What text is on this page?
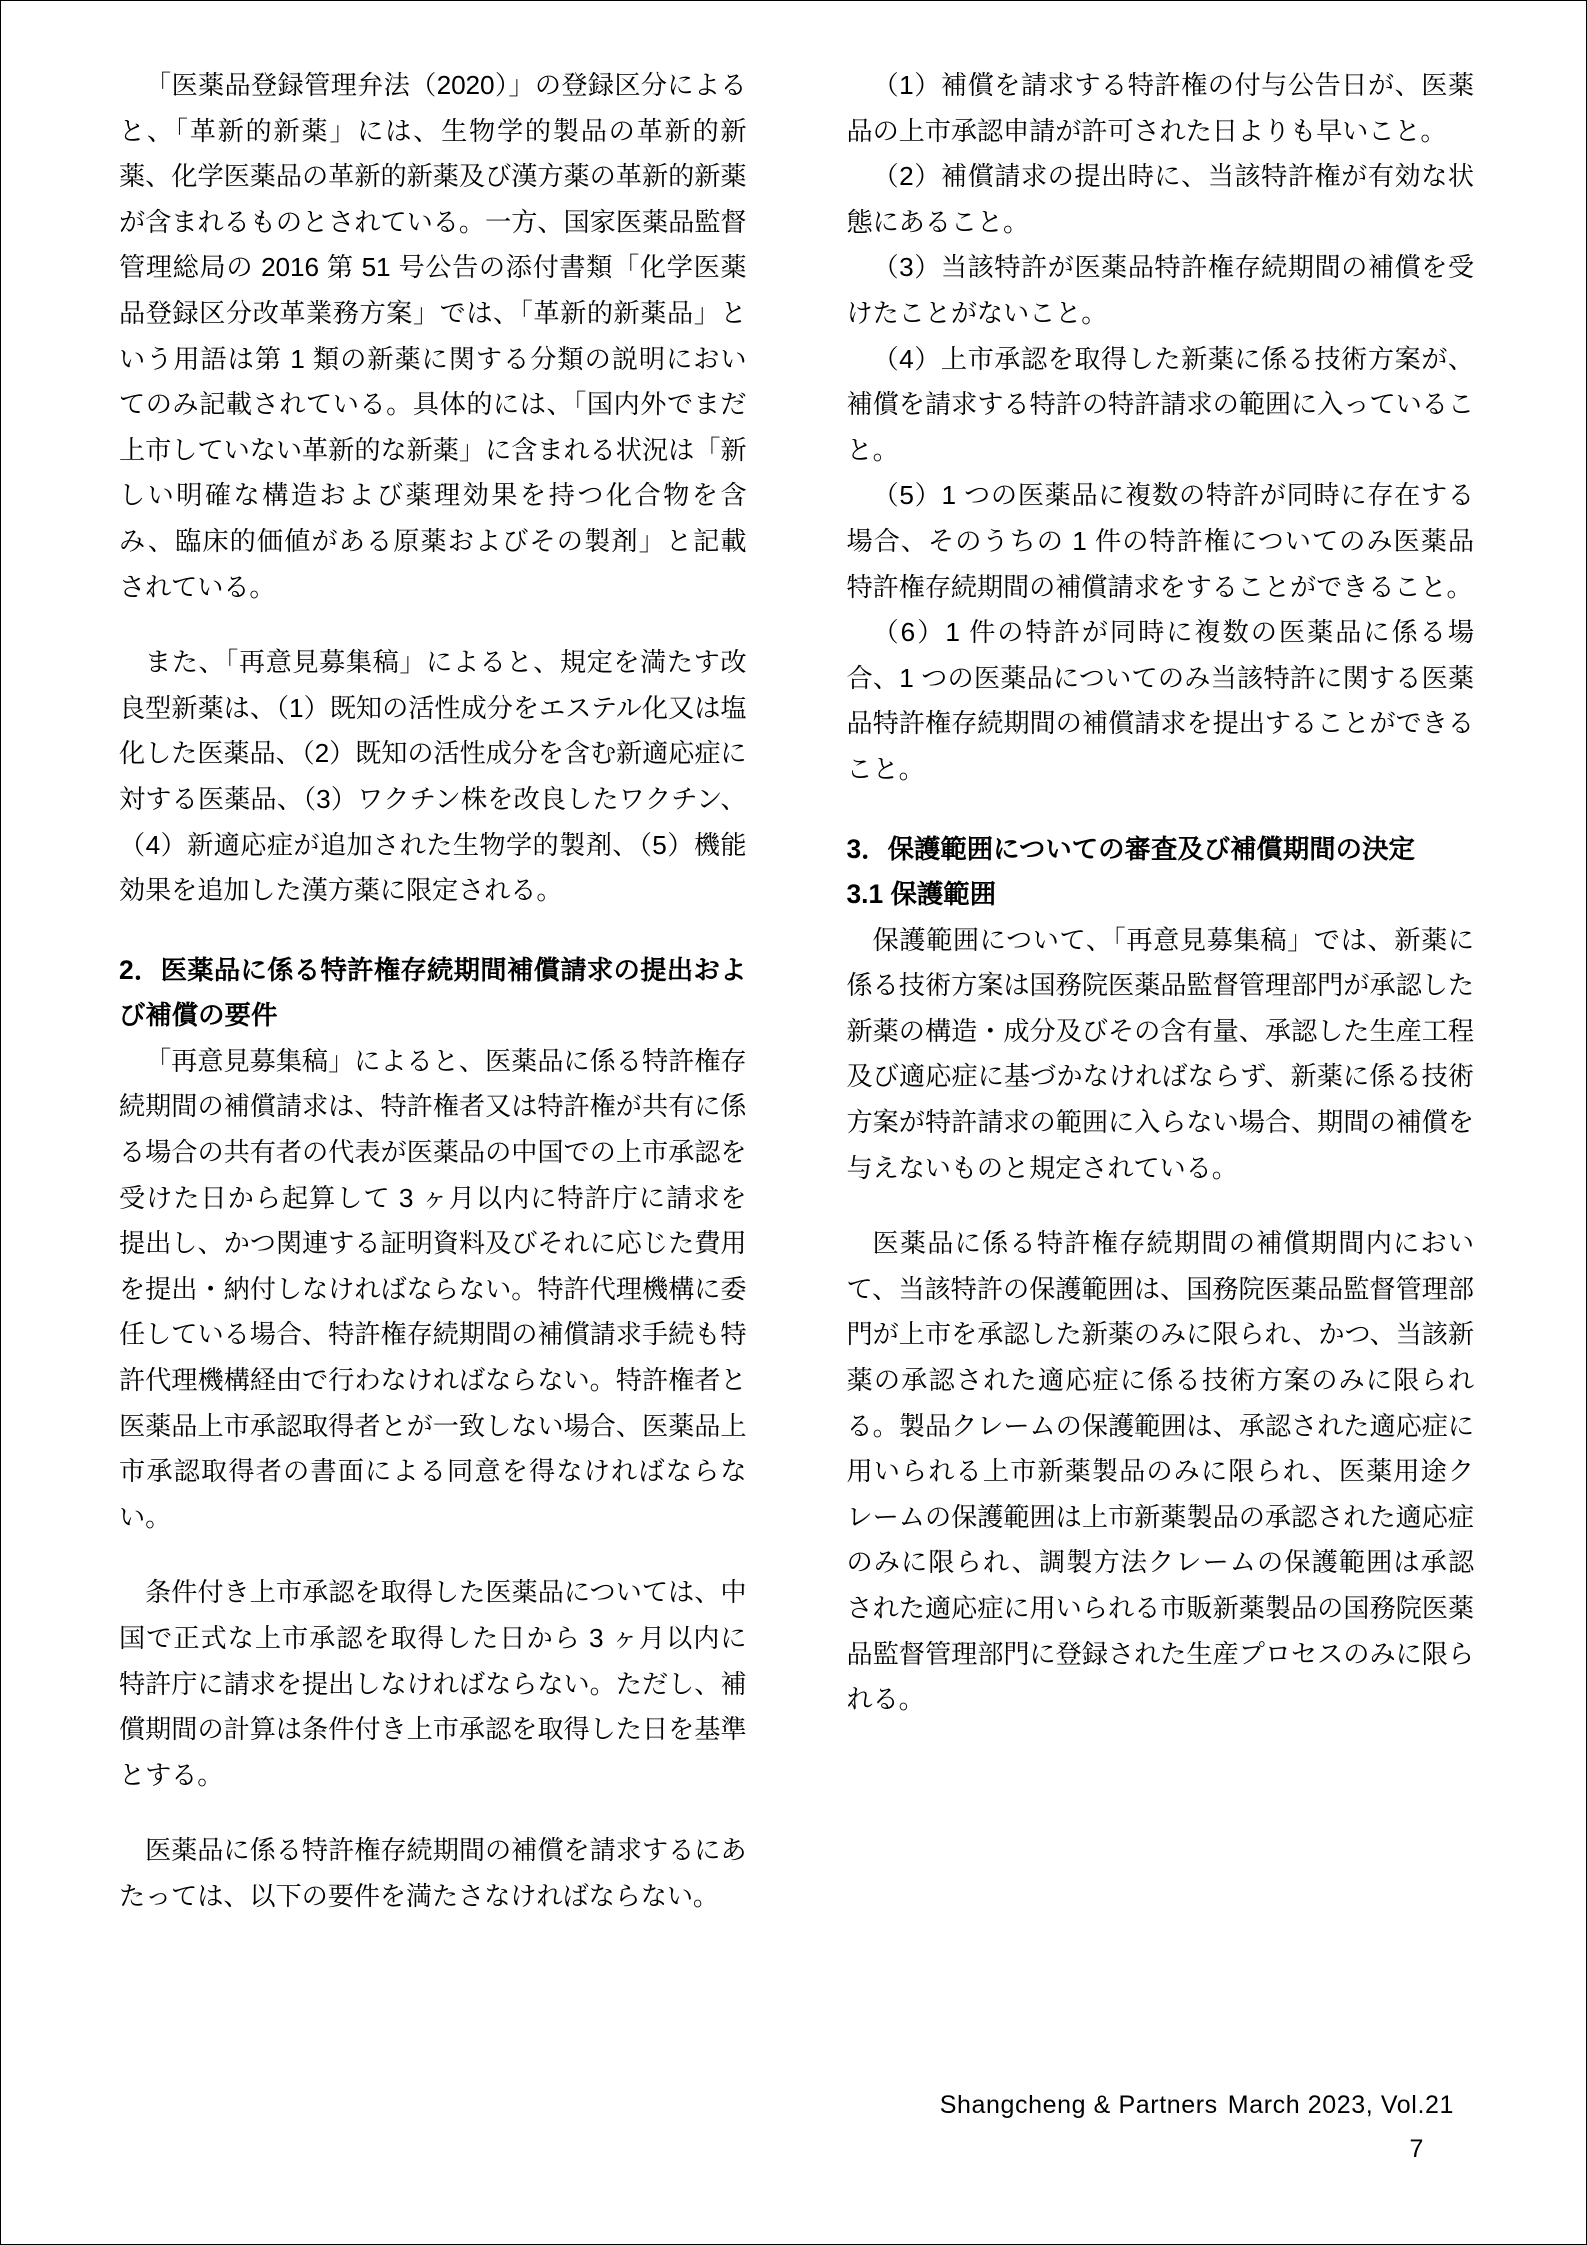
「医薬品登録管理弁法（2020）」の登録区分によると、「革新的新薬」には、生物学的製品の革新的新薬、化学医薬品の革新的新薬及び漢方薬の革新的新薬が含まれるものとされている。一方、国家医薬品監督管理総局の 2016 第 51 号公告の添付書類「化学医薬品登録区分改革業務方案」では、「革新的新薬品」という用語は第 1 類の新薬に関する分類の説明においてのみ記載されている。具体的には、「国内外でまだ上市していない革新的な新薬」に含まれる状況は「新しい明確な構造および薬理効果を持つ化合物を含み、臨床的価値がある原薬およびその製剤」と記載されている。

また、「再意見募集稿」によると、規定を満たす改良型新薬は、（1）既知の活性成分をエステル化又は塩化した医薬品、（2）既知の活性成分を含む新適応症に対する医薬品、（3）ワクチン株を改良したワクチン、（4）新適応症が追加された生物学的製剤、（5）機能効果を追加した漢方薬に限定される。

2．医薬品に係る特許権存続期間補償請求の提出および補償の要件

「再意見募集稿」によると、医薬品に係る特許権存続期間の補償請求は、特許権者又は特許権が共有に係る場合の共有者の代表が医薬品の中国での上市承認を受けた日から起算して 3 ヶ月以内に特許庁に請求を提出し、かつ関連する証明資料及びそれに応じた費用を提出・納付しなければならない。特許代理機構に委任している場合、特許権存続期間の補償請求手続も特許代理機構経由で行わなければならない。特許権者と医薬品上市承認取得者とが一致しない場合、医薬品上市承認取得者の書面による同意を得なければならない。

条件付き上市承認を取得した医薬品については、中国で正式な上市承認を取得した日から 3 ヶ月以内に特許庁に請求を提出しなければならない。ただし、補償期間の計算は条件付き上市承認を取得した日を基準とする。

医薬品に係る特許権存続期間の補償を請求するにあたっては、以下の要件を満たさなければならない。

（1）補償を請求する特許権の付与公告日が、医薬品の上市承認申請が許可された日よりも早いこと。

（2）補償請求の提出時に、当該特許権が有効な状態にあること。

（3）当該特許が医薬品特許権存続期間の補償を受けたことがないこと。

（4）上市承認を取得した新薬に係る技術方案が、補償を請求する特許の特許請求の範囲に入っていること。

（5）1 つの医薬品に複数の特許が同時に存在する場合、そのうちの 1 件の特許権についてのみ医薬品特許権存続期間の補償請求をすることができること。

（6）1 件の特許が同時に複数の医薬品に係る場合、1 つの医薬品についてのみ当該特許に関する医薬品特許権存続期間の補償請求を提出することができること。

3．保護範囲についての審査及び補償期間の決定
3.1 保護範囲

保護範囲について、「再意見募集稿」では、新薬に係る技術方案は国務院医薬品監督管理部門が承認した新薬の構造・成分及びその含有量、承認した生産工程及び適応症に基づかなければならず、新薬に係る技術方案が特許請求の範囲に入らない場合、期間の補償を与えないものと規定されている。

医薬品に係る特許権存続期間の補償期間内において、当該特許の保護範囲は、国務院医薬品監督管理部門が上市を承認した新薬のみに限られ、かつ、当該新薬の承認された適応症に係る技術方案のみに限られる。製品クレームの保護範囲は、承認された適応症に用いられる上市新薬製品のみに限られ、医薬用途クレームの保護範囲は上市新薬製品の承認された適応症のみに限られ、調製方法クレームの保護範囲は承認された適応症に用いられる市販新薬製品の国務院医薬品監督管理部門に登録された生産プロセスのみに限られる。

Shangcheng & Partners March 2023, Vol.21
7
